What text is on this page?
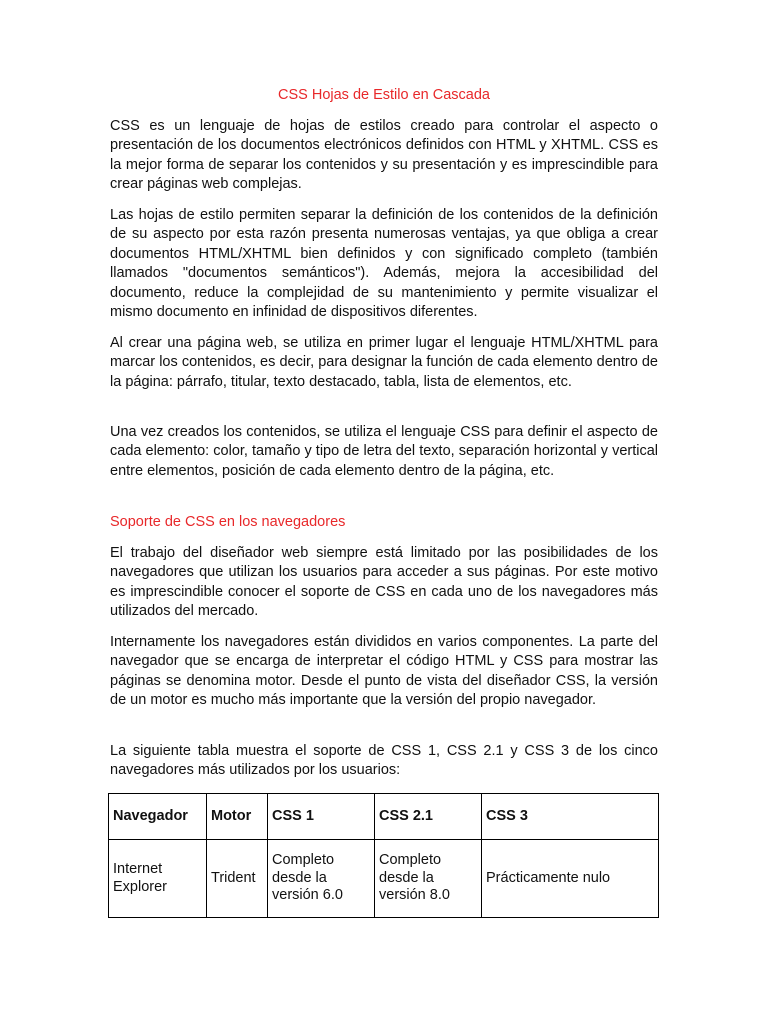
CSS Hojas de Estilo en Cascada

CSS es un lenguaje de hojas de estilos creado para controlar el aspecto o presentación de los documentos electrónicos definidos con HTML y XHTML. CSS es la mejor forma de separar los contenidos y su presentación y es imprescindible para crear páginas web complejas.

Las hojas de estilo permiten separar la definición de los contenidos de la definición de su aspecto por esta razón presenta numerosas ventajas, ya que obliga a crear documentos HTML/XHTML bien definidos y con significado completo (también llamados "documentos semánticos"). Además, mejora la accesibilidad del documento, reduce la complejidad de su mantenimiento y permite visualizar el mismo documento en infinidad de dispositivos diferentes.

Al crear una página web, se utiliza en primer lugar el lenguaje HTML/XHTML para marcar los contenidos, es decir, para designar la función de cada elemento dentro de la página: párrafo, titular, texto destacado, tabla, lista de elementos, etc.

Una vez creados los contenidos, se utiliza el lenguaje CSS para definir el aspecto de cada elemento: color, tamaño y tipo de letra del texto, separación horizontal y vertical entre elementos, posición de cada elemento dentro de la página, etc.

Soporte de CSS en los navegadores

El trabajo del diseñador web siempre está limitado por las posibilidades de los navegadores que utilizan los usuarios para acceder a sus páginas. Por este motivo es imprescindible conocer el soporte de CSS en cada uno de los navegadores más utilizados del mercado.

Internamente los navegadores están divididos en varios componentes. La parte del navegador que se encarga de interpretar el código HTML y CSS para mostrar las páginas se denomina motor. Desde el punto de vista del diseñador CSS, la versión de un motor es mucho más importante que la versión del propio navegador.

La siguiente tabla muestra el soporte de CSS 1, CSS 2.1 y CSS 3 de los cinco navegadores más utilizados por los usuarios:

Navegador	Motor	CSS 1	CSS 2.1	CSS 3
Internet Explorer	Trident	Completo desde la versión 6.0	Completo desde la versión 8.0	Prácticamente nulo
